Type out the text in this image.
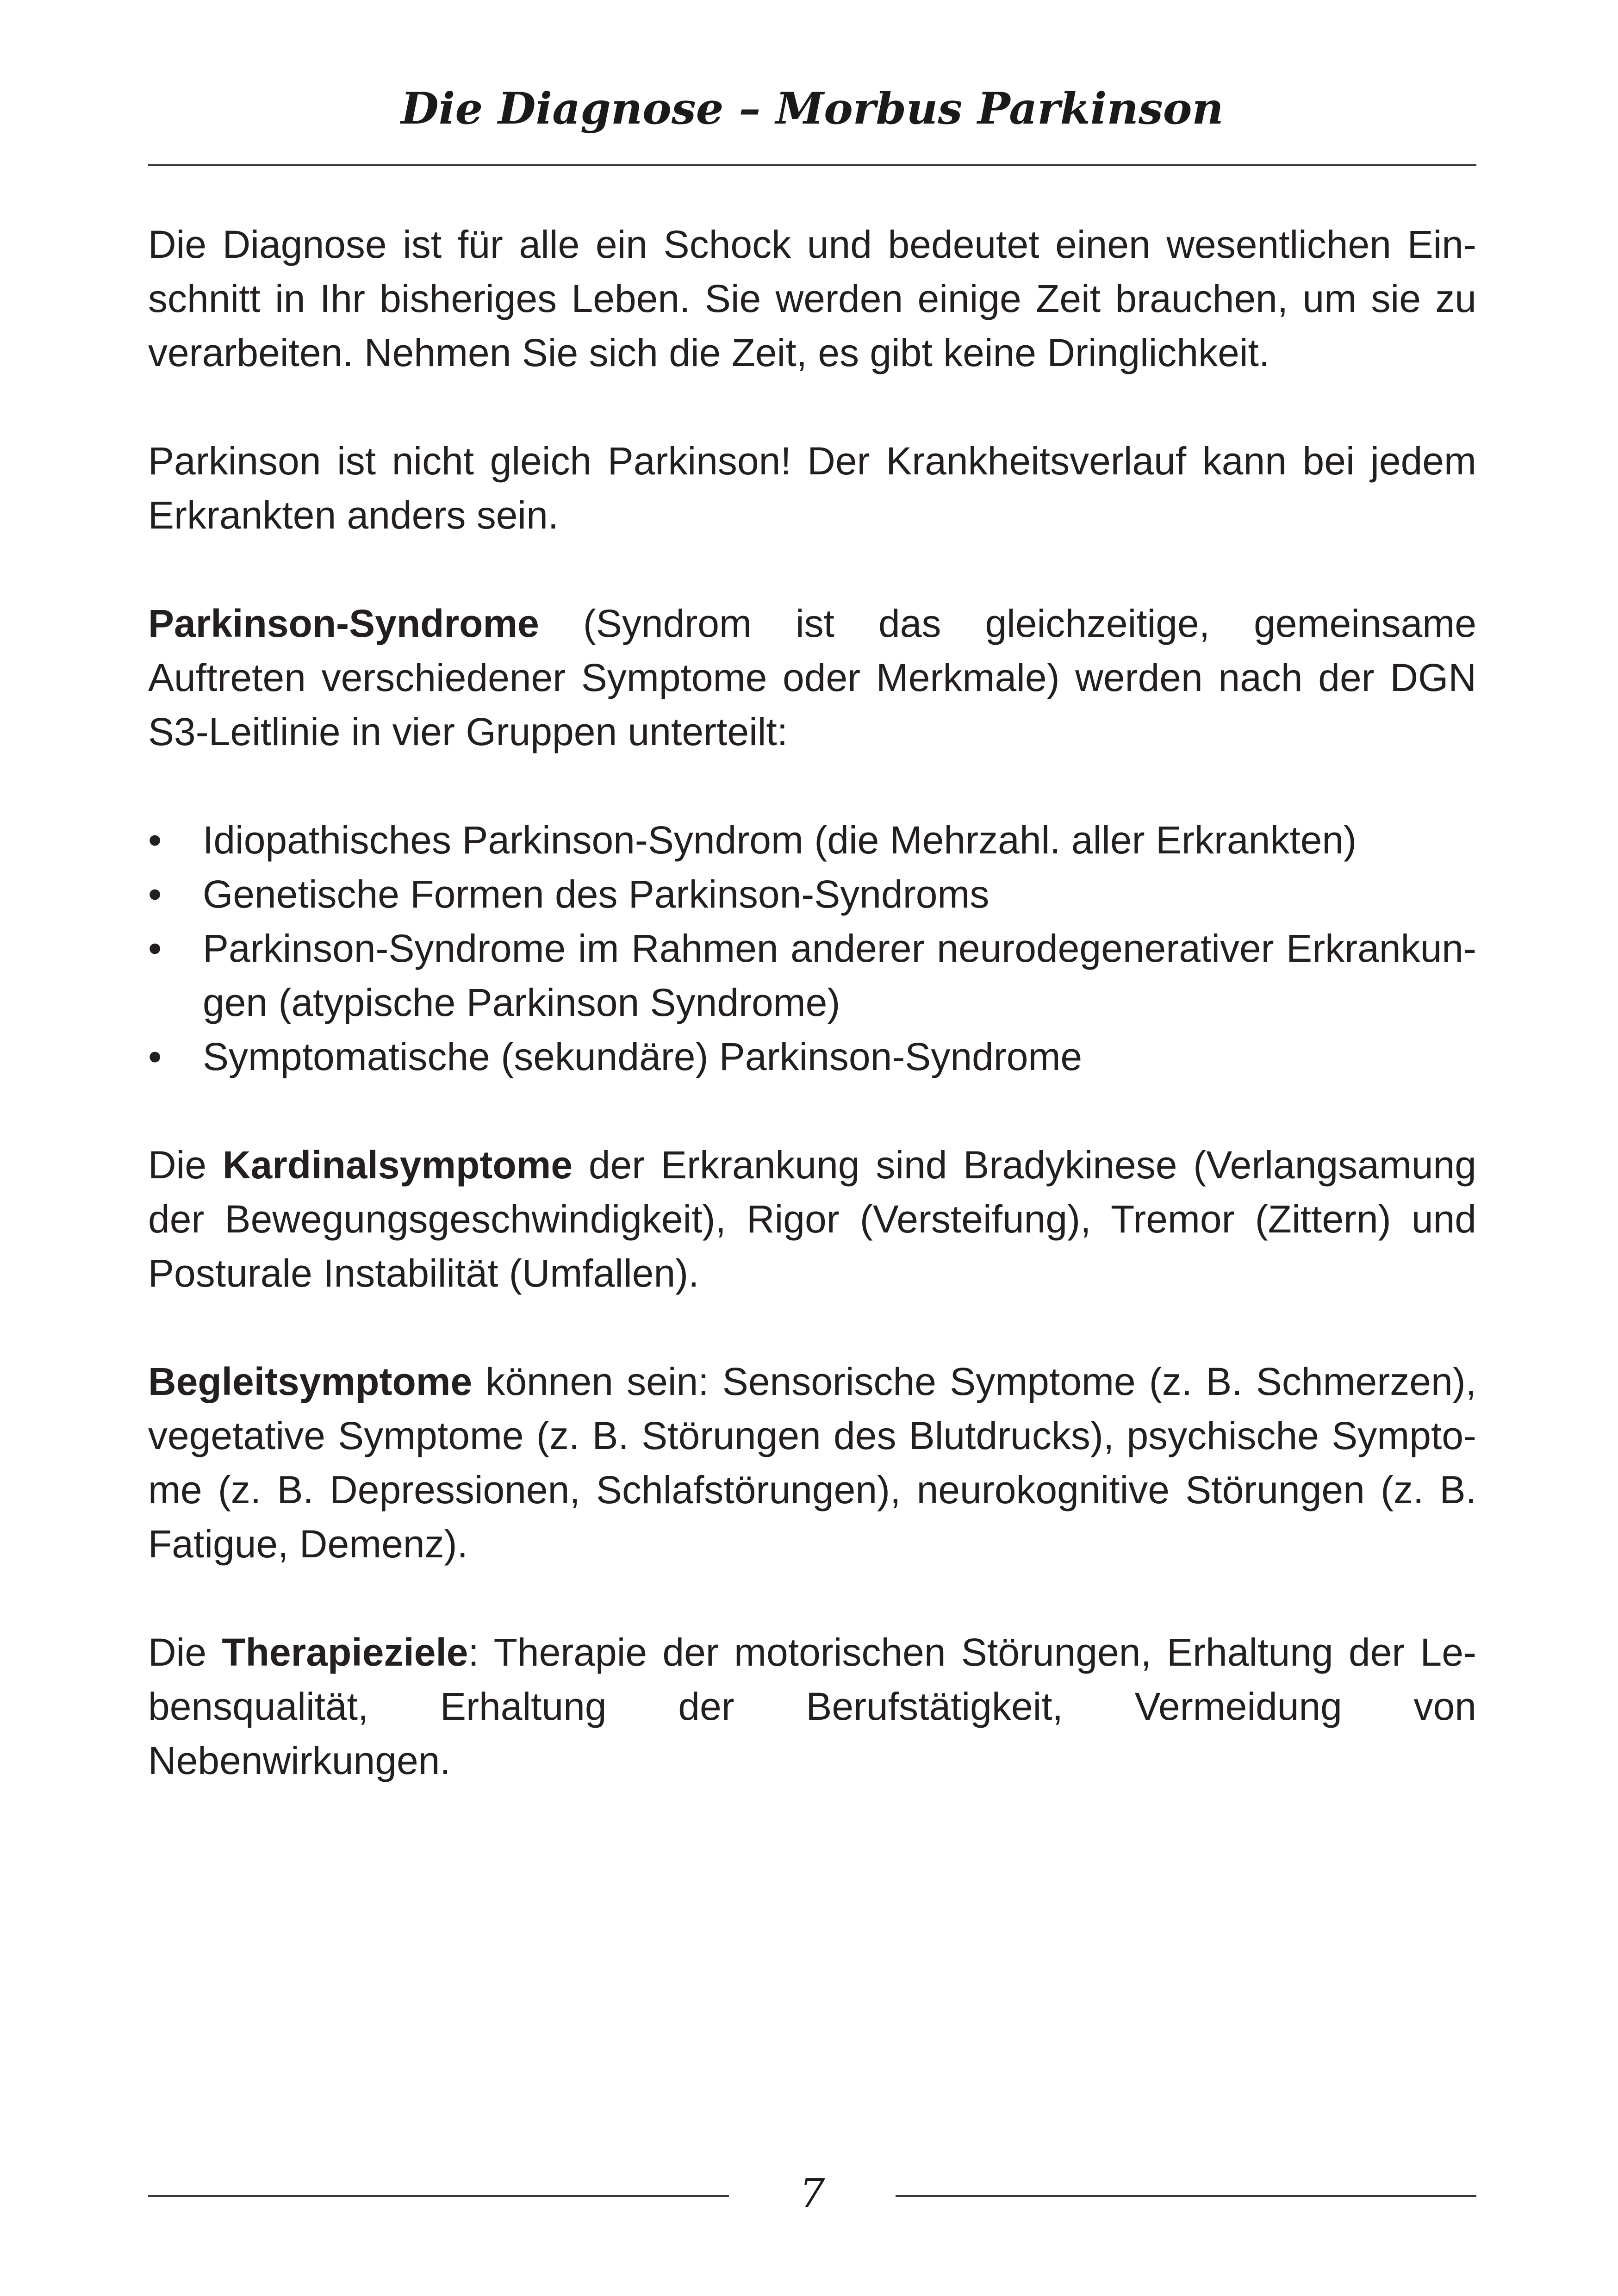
Die Diagnose – Morbus Parkinson

Die Diagnose ist für alle ein Schock und bedeutet einen wesentlichen Einschnitt in Ihr bisheriges Leben. Sie werden einige Zeit brauchen, um sie zu verarbeiten. Nehmen Sie sich die Zeit, es gibt keine Dringlichkeit.

Parkinson ist nicht gleich Parkinson! Der Krankheitsverlauf kann bei jedem Erkrankten anders sein.

Parkinson-Syndrome (Syndrom ist das gleichzeitige, gemeinsame Auftreten verschiedener Symptome oder Merkmale) werden nach der DGN S3-Leitlinie in vier Gruppen unterteilt:

• Idiopathisches Parkinson-Syndrom (die Mehrzahl. aller Erkrankten)
• Genetische Formen des Parkinson-Syndroms
• Parkinson-Syndrome im Rahmen anderer neurodegenerativer Erkrankungen (atypische Parkinson Syndrome)
• Symptomatische (sekundäre) Parkinson-Syndrome

Die Kardinalsymptome der Erkrankung sind Bradykinese (Verlangsamung der Bewegungsgeschwindigkeit), Rigor (Versteifung), Tremor (Zittern) und Posturale Instabilität (Umfallen).

Begleitsymptome können sein: Sensorische Symptome (z. B. Schmerzen), vegetative Symptome (z. B. Störungen des Blutdrucks), psychische Symptome (z. B. Depressionen, Schlafstörungen), neurokognitive Störungen (z. B. Fatigue, Demenz).

Die Therapieziele: Therapie der motorischen Störungen, Erhaltung der Lebensqualität, Erhaltung der Berufstätigkeit, Vermeidung von Nebenwirkungen.

7
